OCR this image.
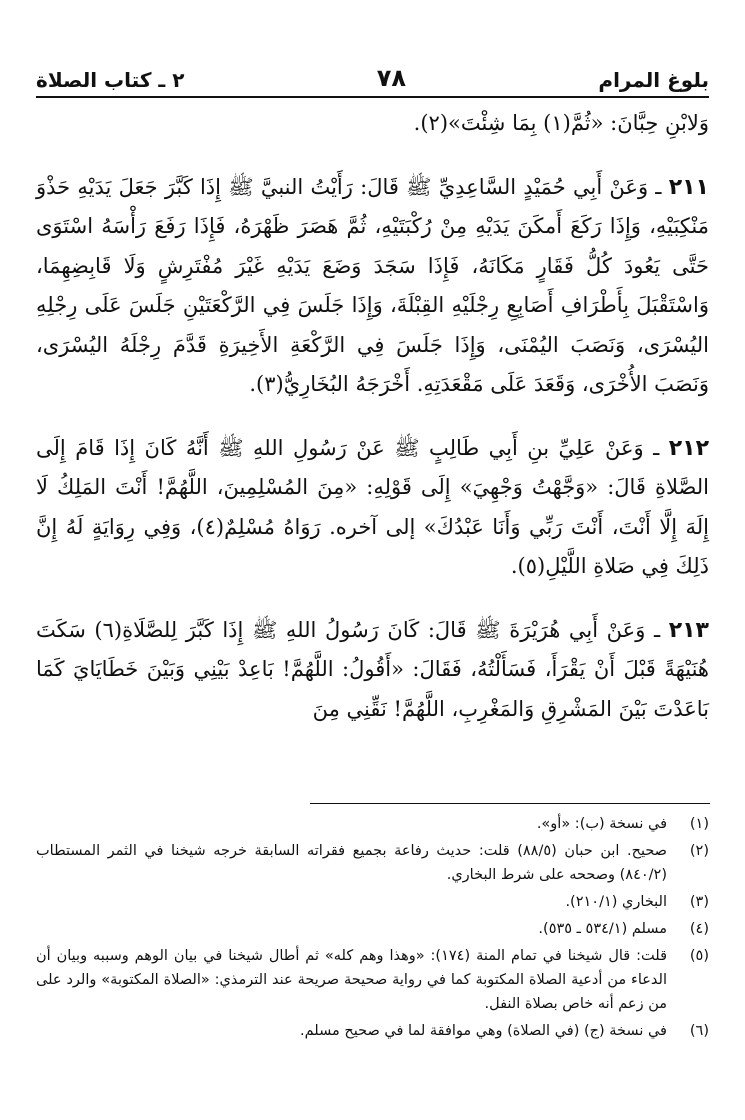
بلوغ المرام
٧٨
٢ ـ كتاب الصلاة

وَلابْنِ حِبَّانَ: «ثُمَّ(١) بِمَا شِئْتَ»(٢).

٢١١ ـ وَعَنْ أَبِي حُمَيْدٍ السَّاعِدِيِّ ﷺ قَالَ: رَأَيْتُ النبيَّ ﷺ إِذَا كَبَّرَ جَعَلَ يَدَيْهِ حَذْوَ مَنْكِبَيْهِ، وَإِذَا رَكَعَ أَمكَنَ يَدَيْهِ مِنْ رُكْبَتَيْهِ، ثُمَّ هَصَرَ ظَهْرَهُ، فَإِذَا رَفَعَ رَأْسَهُ اسْتَوَى حَتَّى يَعُودَ كُلُّ فَقَارٍ مَكَانَهُ، فَإِذَا سَجَدَ وَضَعَ يَدَيْهِ غَيْرَ مُفْتَرِشٍ وَلَا قَابِضِهِمَا، وَاسْتَقْبَلَ بِأَطْرَافِ أَصَابِعِ رِجْلَيْهِ القِبْلَةَ، وَإِذَا جَلَسَ فِي الرَّكْعَتَيْنِ جَلَسَ عَلَى رِجْلِهِ اليُسْرَى، وَنَصَبَ اليُمْنَى، وَإِذَا جَلَسَ فِي الرَّكْعَةِ الأَخِيرَةِ قَدَّمَ رِجْلَهُ اليُسْرَى، وَنَصَبَ الأُخْرَى، وَقَعَدَ عَلَى مَقْعَدَتِهِ. أَخْرَجَهُ البُخَارِيُّ(٣).

٢١٢ ـ وَعَنْ عَلِيِّ بنِ أَبِي طَالِبٍ ﷺ عَنْ رَسُولِ اللهِ ﷺ أَنَّهُ كَانَ إِذَا قَامَ إِلَى الصَّلاةِ قَالَ: «وَجَّهْتُ وَجْهِيَ» إِلَى قَوْلِهِ: «مِنَ المُسْلِمِينَ، اللَّهُمَّ! أَنْتَ المَلِكُ لَا إِلَهَ إِلَّا أَنْتَ، أَنْتَ رَبِّي وَأَنَا عَبْدُكَ» إلى آخره. رَوَاهُ مُسْلِمٌ(٤)، وَفِي رِوَايَةٍ لَهُ إِنَّ ذَلِكَ فِي صَلاةِ اللَّيْلِ(٥).

٢١٣ ـ وَعَنْ أَبِي هُرَيْرَةَ ﷺ قَالَ: كَانَ رَسُولُ اللهِ ﷺ إِذَا كَبَّرَ لِلصَّلَاةِ(٦) سَكَتَ هُنَيْهَةً قَبْلَ أَنْ يَقْرَأَ، فَسَأَلْتُهُ، فَقَالَ: «أَقُولُ: اللَّهُمَّ! بَاعِدْ بَيْنِي وَبَيْنَ خَطَايَايَ كَمَا بَاعَدْتَ بَيْنَ المَشْرِقِ وَالمَغْرِبِ، اللَّهُمَّ! نَقِّنِي مِنَ

(١)
في نسخة (ب): «أو».
(٢)
صحيح. ابن حبان (٨٨/٥) قلت: حديث رفاعة بجميع فقراته السابقة خرجه شيخنا في الثمر المستطاب (٨٤٠/٢) وصححه على شرط البخاري.
(٣)
البخاري (٢١٠/١).
(٤)
مسلم (٥٣٤/١ ـ ٥٣٥).
(٥)
قلت: قال شيخنا في تمام المنة (١٧٤): «وهذا وهم كله» ثم أطال شيخنا في بيان الوهم وسببه وبيان أن الدعاء من أدعية الصلاة المكتوبة كما في رواية صحيحة صريحة عند الترمذي: «الصلاة المكتوبة» والرد على من زعم أنه خاص بصلاة النفل.
(٦)
في نسخة (ج) (في الصلاة) وهي موافقة لما في صحيح مسلم.
